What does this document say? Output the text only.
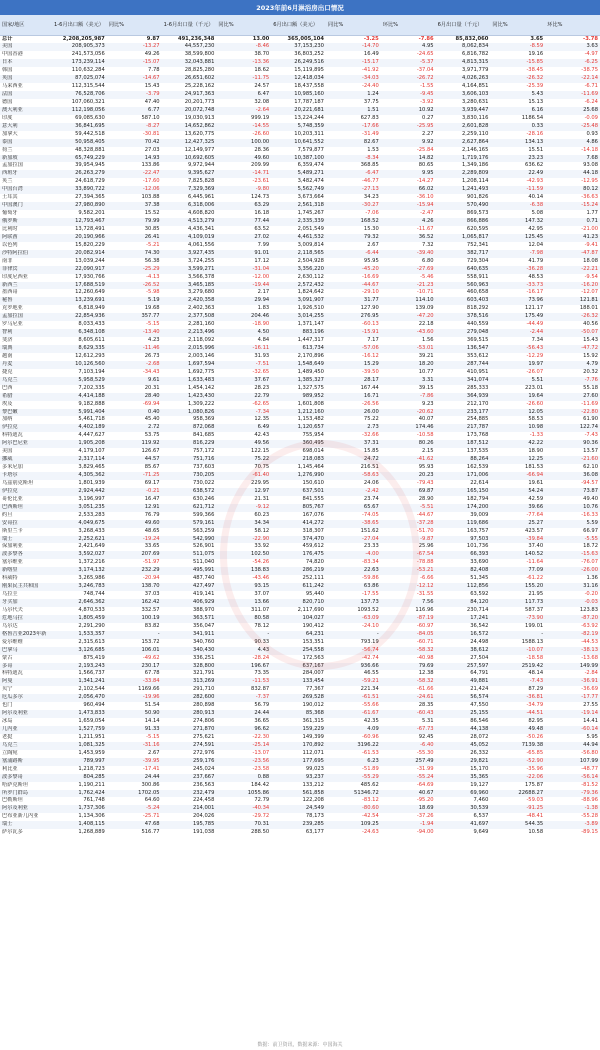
2023年前6月淋浴房出口情况
国家/地区	1-6月出口额（美元）	同比%	1-6月出口量（千元）	同比%	6月出口额（美元）	同比%	环比%	6月出口量（千元）	同比%	环比%
总计	2,208,205,987	9.87	491,236,348	13.00	365,005,104	-3.25	-7.86	85,832,060	3.65	-3.78
美国	208,905,373	-13.27	44,557,230	-8.46	37,153,230	-14.70	4.95	8,062,834	-8.59	3.63
中国香港	241,573,056	49.26	38,599,800	38.70	36,803,252	16.49	-24.65	6,816,782	19.16	-4.97
日本	173,239,114	-15.07	32,043,881	-13.36	26,249,516	-15.17	-5.37	4,813,315	-15.85	-6.25
韩国	110,632,284	7.78	28,825,280	18.62	15,119,895	-41.92	-37.04	3,971,779	-38.45	-38.75
英国	87,025,074	-14.67	26,651,602	-11.75	12,418,034	-34.03	-26.72	4,026,263	-26.32	-22.14
马来西亚	112,315,544	15.43	25,228,162	24.57	18,437,558	-24.40	-1.55	4,164,851	-25.39	-6.71
法国	76,528,706	-3.79	24,917,363	6.47	10,985,160	1.24	-9.45	3,606,103	5.43	-11.69
德国	107,060,321	47.40	20,201,773	32.08	17,787,187	37.75	-3.92	3,280,631	15.13	-6.24
澳大利亚	112,198,056	6.77	20,072,748	-2.64	20,221,681	1.51	10.92	3,939,447	6.16	25.68
印度	69,085,630	587.10	19,030,913	999.19	13,224,244	627.83	0.27	3,830,116	1186.54	-0.09
意大利	36,841,695	-8.27	14,652,862	-14.55	5,748,359	-17.66	-25.95	2,601,828	0.33	-25.48
加拿大	59,442,518	-30.81	13,620,775	-26.60	10,203,311	-31.49	2.27	2,259,110	-28.16	0.93
泰国	50,958,405	70.42	12,427,325	100.00	10,641,552	82.67	9.92	2,627,864	134.13	4.86
荷兰	48,328,881	27.03	12,149,977	28.36	7,579,877	1.53	-25.84	2,146,165	15.51	-14.18
新加坡	65,749,229	14.93	10,692,605	49.60	10,387,100	-8.34	14.82	1,719,176	23.23	7.68
孟加拉国	39,954,945	133.86	9,972,944	209.99	6,359,474	368.85	80.65	1,349,186	636.62	93.08
西班牙	26,263,279	-22.47	9,395,627	-14.71	5,489,271	-6.47	9.95	2,289,809	22.49	44.18
英兰	24,618,729	-17.60	7,825,828	-23.61	3,482,474	-46.77	-14.27	1,208,114	-42.93	-12.95
中国台湾	33,890,722	-12.06	7,329,369	-9.80	5,562,749	-27.13	66.02	1,241,493	-11.59	80.12
土耳其	27,394,365	103.88	6,445,961	124.73	3,673,664	34.23	-36.10	901,826	40.14	-36.63
中国澳门	27,980,890	37.38	6,318,006	63.29	2,561,318	-30.27	-15.94	570,490	-6.38	-15.24
葡萄牙	9,582,201	15.52	4,608,820	16.18	1,745,267	-7.06	-2.47	869,573	5.08	1.77
俄罗斯	12,793,467	79.99	4,513,279	77.44	2,335,339	168.52	4.26	866,886	147.32	0.71
比利时	13,728,491	30.85	4,436,341	63.52	2,051,549	15.30	-11.67	620,595	42.95	-21.00
阿联酋	20,190,966	26.41	4,109,019	27.02	4,461,532	79.32	36.52	1,065,817	125.45	41.23
以色列	15,820,229	-5.21	4,061,556	7.99	3,009,814	2.67	7.32	752,341	12.04	-9.41
沙特阿拉伯	20,082,914	74.30	3,927,435	91.01	2,118,565	-6.44	-39.40	382,717	-7.98	-47.87
南非	13,039,244	56.38	3,724,255	17.12	2,504,928	95.95	6.80	729,304	41.79	18.08
菲律宾	22,090,917	-25.29	3,599,271	-31.04	3,356,220	-45.20	-27.69	640,635	-36.28	-22.21
印度尼西亚	17,930,766	-4.13	3,566,378	-12.00	2,630,112	-16.69	-5.46	558,911	48.53	-9.54
新西兰	17,688,519	-26.52	3,465,185	-19.44	2,572,432	-44.67	-21.23	560,963	-33.73	-16.20
墨西哥	12,260,649	-5.98	3,279,680	2.17	1,824,642	-29.10	-10.71	460,658	-16.17	-12.07
秘鲁	13,239,691	5.19	2,420,358	29.94	3,091,907	31.77	114.10	603,403	73.96	121.81
克罗地亚	6,818,949	19.68	2,402,363	1.83	1,926,510	127.90	139.09	818,292	121.17	188.01
孟加拉国	22,854,936	357.77	2,377,508	204.46	3,014,255	276.95	-47.20	378,516	175.49	-26.32
罗马尼亚	8,033,433	-5.15	2,281,160	-18.90	1,371,147	-60.13	22.18	440,559	-44.49	40.56
智利	6,348,108	-13.40	2,213,496	4.50	883,196	-15.91	-43.60	279,048	-2.44	-50.07
斐济	8,605,611	4.23	2,118,092	4.84	1,447,317	7.17	1.56	369,515	7.34	15.43
瑞典	8,629,335	-11.46	2,015,996	-16.11	613,734	-57.06	-53.01	136,547	-56.43	-47.72
越南	12,612,293	26.73	2,003,146	31.93	2,170,896	-16.12	39.21	353,612	-12.29	15.92
丹麦	10,126,560	-2.68	1,697,594	-7.51	1,548,649	15.29	18.20	287,744	19.97	4.79
捷克	7,103,194	-34.43	1,692,775	-32.65	1,489,450	-39.50	10.77	410,951	-26.07	20.32
乌克兰	5,958,529	9.61	1,633,483	37.67	1,385,327	28.17	3.31	341,074	5.51	-7.76
巴西	7,202,335	20.31	1,454,142	28.23	1,327,575	167.44	39.15	285,333	223.01	55.18
希腊	4,414,188	28.40	1,423,430	22.79	989,952	16.71	-7.86	364,939	19.64	27.60
埃及	9,182,888	-69.94	1,309,222	-62.65	1,601,808	-26.56	9.23	212,170	-26.60	-11.69
黎巴嫩	5,991,404	0.40	1,080,826	-7.34	1,212,160	26.00	-20.62	233,177	12.05	-22.80
加纳	5,461,718	45.40	958,369	12.35	1,153,482	75.22	40.07	254,885	58.53	61.90
伊拉克	4,402,189	2.72	872,068	6.49	1,120,657	2.73	174.46	217,787	10.98	122.74
科特迪瓦	4,447,627	53.75	841,685	42.43	755,954	-32.66	-10.58	173,768	-1.33	-7.43
阿尔巴尼亚	1,905,208	119.92	816,229	49.56	360,495	37.31	80.26	187,512	42.22	90.36
美国	4,179,107	126.67	757,172	122.15	698,014	15.85	2.15	137,535	18.90	13.57
挪威	2,317,114	44.57	751,716	75.22	218,083	24.72	-41.62	88,264	12.25	-21.60
多米尼加	3,829,465	85.67	737,603	70.75	1,145,464	216.51	95.93	162,539	181.53	62.10
卡塔尔	4,305,362	-71.25	730,205	-61.40	1,276,990	-58.63	20.23	171,006	-66.94	36.08
乌兹别克斯坦	1,801,939	69.17	730,022	229.95	150,610	24.06	-79.43	22,614	19.61	-94.57
伊拉克	2,924,442	-0.21	638,572	12.97	637,501	-2.42	69.87	165,150	54.24	73.87
哥伦比亚	3,196,997	16.47	630,246	21.31	841,555	23.74	28.90	182,794	42.59	49.40
巴西斯坦	3,051,235	12.91	621,712	-9.12	805,767	65.67	-5.51	174,200	39.66	10.76
约旦	2,533,283	76.79	599,366	60.23	167,076	-74.05	-44.67	39,009	-77.64	-16.33
安哥拉	4,049,675	49.60	579,161	34.34	414,272	-38.65	-37.28	119,686	25.27	5.59
斯里兰卡	3,268,433	48.65	563,259	58.12	318,307	151.62	-51.70	163,757	423.57	66.97
瑞士	2,252,621	-19.24	542,990	-22.90	374,470	-27.04	-9.87	97,503	-39.84	-5.55
保加利亚	2,421,649	33.65	526,901	33.92	459,612	23.33	25.96	101,736	37.40	18.72
波多黎各	3,592,027	207.69	511,075	102.50	176,475	-4.00	-67.54	66,393	140.52	-15.63
塞尔维亚	1,372,216	-51.97	511,040	-54.26	74,820	-83.34	-78.88	33,690	-11.64	-76.07
新喀里	3,174,132	232.29	495,991	138.83	286,219	22.63	-53.21	82,408	77.09	-26.00
科威特	3,265,986	-20.94	487,740	-43.46	252,111	-59.86	-6.66	51,345	-61.22	1.36
刚果民主共和国	3,246,783	138.70	427,497	93.15	611,242	63.86	-12.12	112,856	155.20	31.16
乌拉圭	748,744	37.03	419,141	37.07	95,440	-17.55	-31.55	63,592	21.95	-0.20
牙买加	2,646,362	162.42	406,929	13.66	820,710	137.73	7.56	84,120	117.73	-0.03
马尔代夫	4,870,533	332.57	388,970	311.07	2,117,690	1093.52	116.96	230,714	587.37	123.83
危地马拉	1,805,459	100.19	363,571	80.58	104,027	-63.09	-87.19	17,241	-73.90	-87.20
乌尔达	2,291,290	83.82	356,047	78.12	190,412	-24.10	-60.97	36,542	199.01	-63.92
格鲁吉亚2023年新	1,533,357	-	341,911	-	64,231	-	-84.05	16,572	-	-82.19
爱尔维维	2,315,613	153.72	340,760	90.33	153,351	793.19	-60.71	24,498	1588.13	-44.53
巴拿马	3,126,685	106.01	340,430	4.43	254,558	-56.74	-58.32	38,612	-10.07	-38.13
蒙古	875,419	-49.62	336,251	-28.24	172,563	-42.74	-40.98	27,504	-18.58	-13.68
多哥	2,193,243	230.17	328,800	196.67	637,167	936.66	79.69	257,597	2519.42	149.99
科特迪瓦	1,566,737	67.78	321,791	73.35	284,007	46.55	12.38	64,791	48.14	-2.84
阿曼	1,341,241	-33.84	313,269	-11.53	133,454	-59.21	-58.32	49,881	-7.43	-36.91
贝宁	2,102,544	1169.66	291,710	832.87	77,367	221.34	-61.66	21,424	87.29	-36.69
厄瓜多尔	2,056,470	-19.96	282,600	-7.37	269,528	-61.51	-24.61	56,574	-36.81	-17.77
也门	960,494	51.54	280,898	56.79	190,012	-55.66	28.35	47,550	-34.79	27.55
阿尔及利亚	1,473,833	50.90	280,913	24.44	85,368	-61.67	-60.43	25,155	-44.51	-19.14
冰岛	1,659,054	14.14	274,806	36.65	361,315	42.35	5.31	86,546	82.95	14.41
几内亚	1,527,759	91.33	271,870	96.62	159,229	4.09	-67.73	44,138	49.48	-60.14
老挝	1,211,951	-5.15	275,621	-22.30	149,399	-60.96	92.45	28,072	-50.26	5.95
乌克兰	1,081,325	-31.16	274,591	-25.14	170,892	3196.22	-6.40	45,052	7139.38	44.94
立陶宛	1,453,959	2.67	272,976	-13.07	112,071	-61.53	-55.30	26,332	-65.85	-56.80
塞浦路斯	789,997	-39.95	259,176	-23.56	177,695	6.23	257.49	29,821	-52.90	107.99
利比亚	1,218,723	-17.41	245,024	-23.58	99,023	-51.89	-31.99	15,170	-35.96	-48.77
波多黎哥	804,285	24.44	237,667	0.88	93,237	-55.29	-55.24	35,365	-22.06	-56.14
哈萨克斯坦	1,190,211	300.86	236,563	184.42	133,212	485.62	-64.69	19,127	175.87	-81.52
所罗门群岛	1,762,424	1702.05	232,479	1055.86	561,858	51346.72	40.67	69,960	22688.27	-79.36
巴勒斯坦	761,748	64.60	224,458	72.79	122,208	-83.12	-95.20	7,460	-59.03	-88.96
阿尔及利亚	1,737,306	-5.24	214,001	-40.34	24,549	-80.60	18.69	30,539	-91.25	-1.38
巴布亚新几内亚	1,134,306	-25.71	204,026	-29.72	78,173	-42.54	-37.26	6,537	-48.41	-55.28
瑞士	1,408,115	47.68	195,785	70.31	239,285	109.25	-1.94	41,697	544.35	-3.89
萨尔瓦多	1,268,889	516.77	191,038	288.50	63,177	-24.63	-94.00	9,649	10.58	-89.15
数据：前卫资讯，数据来源：中国海关
